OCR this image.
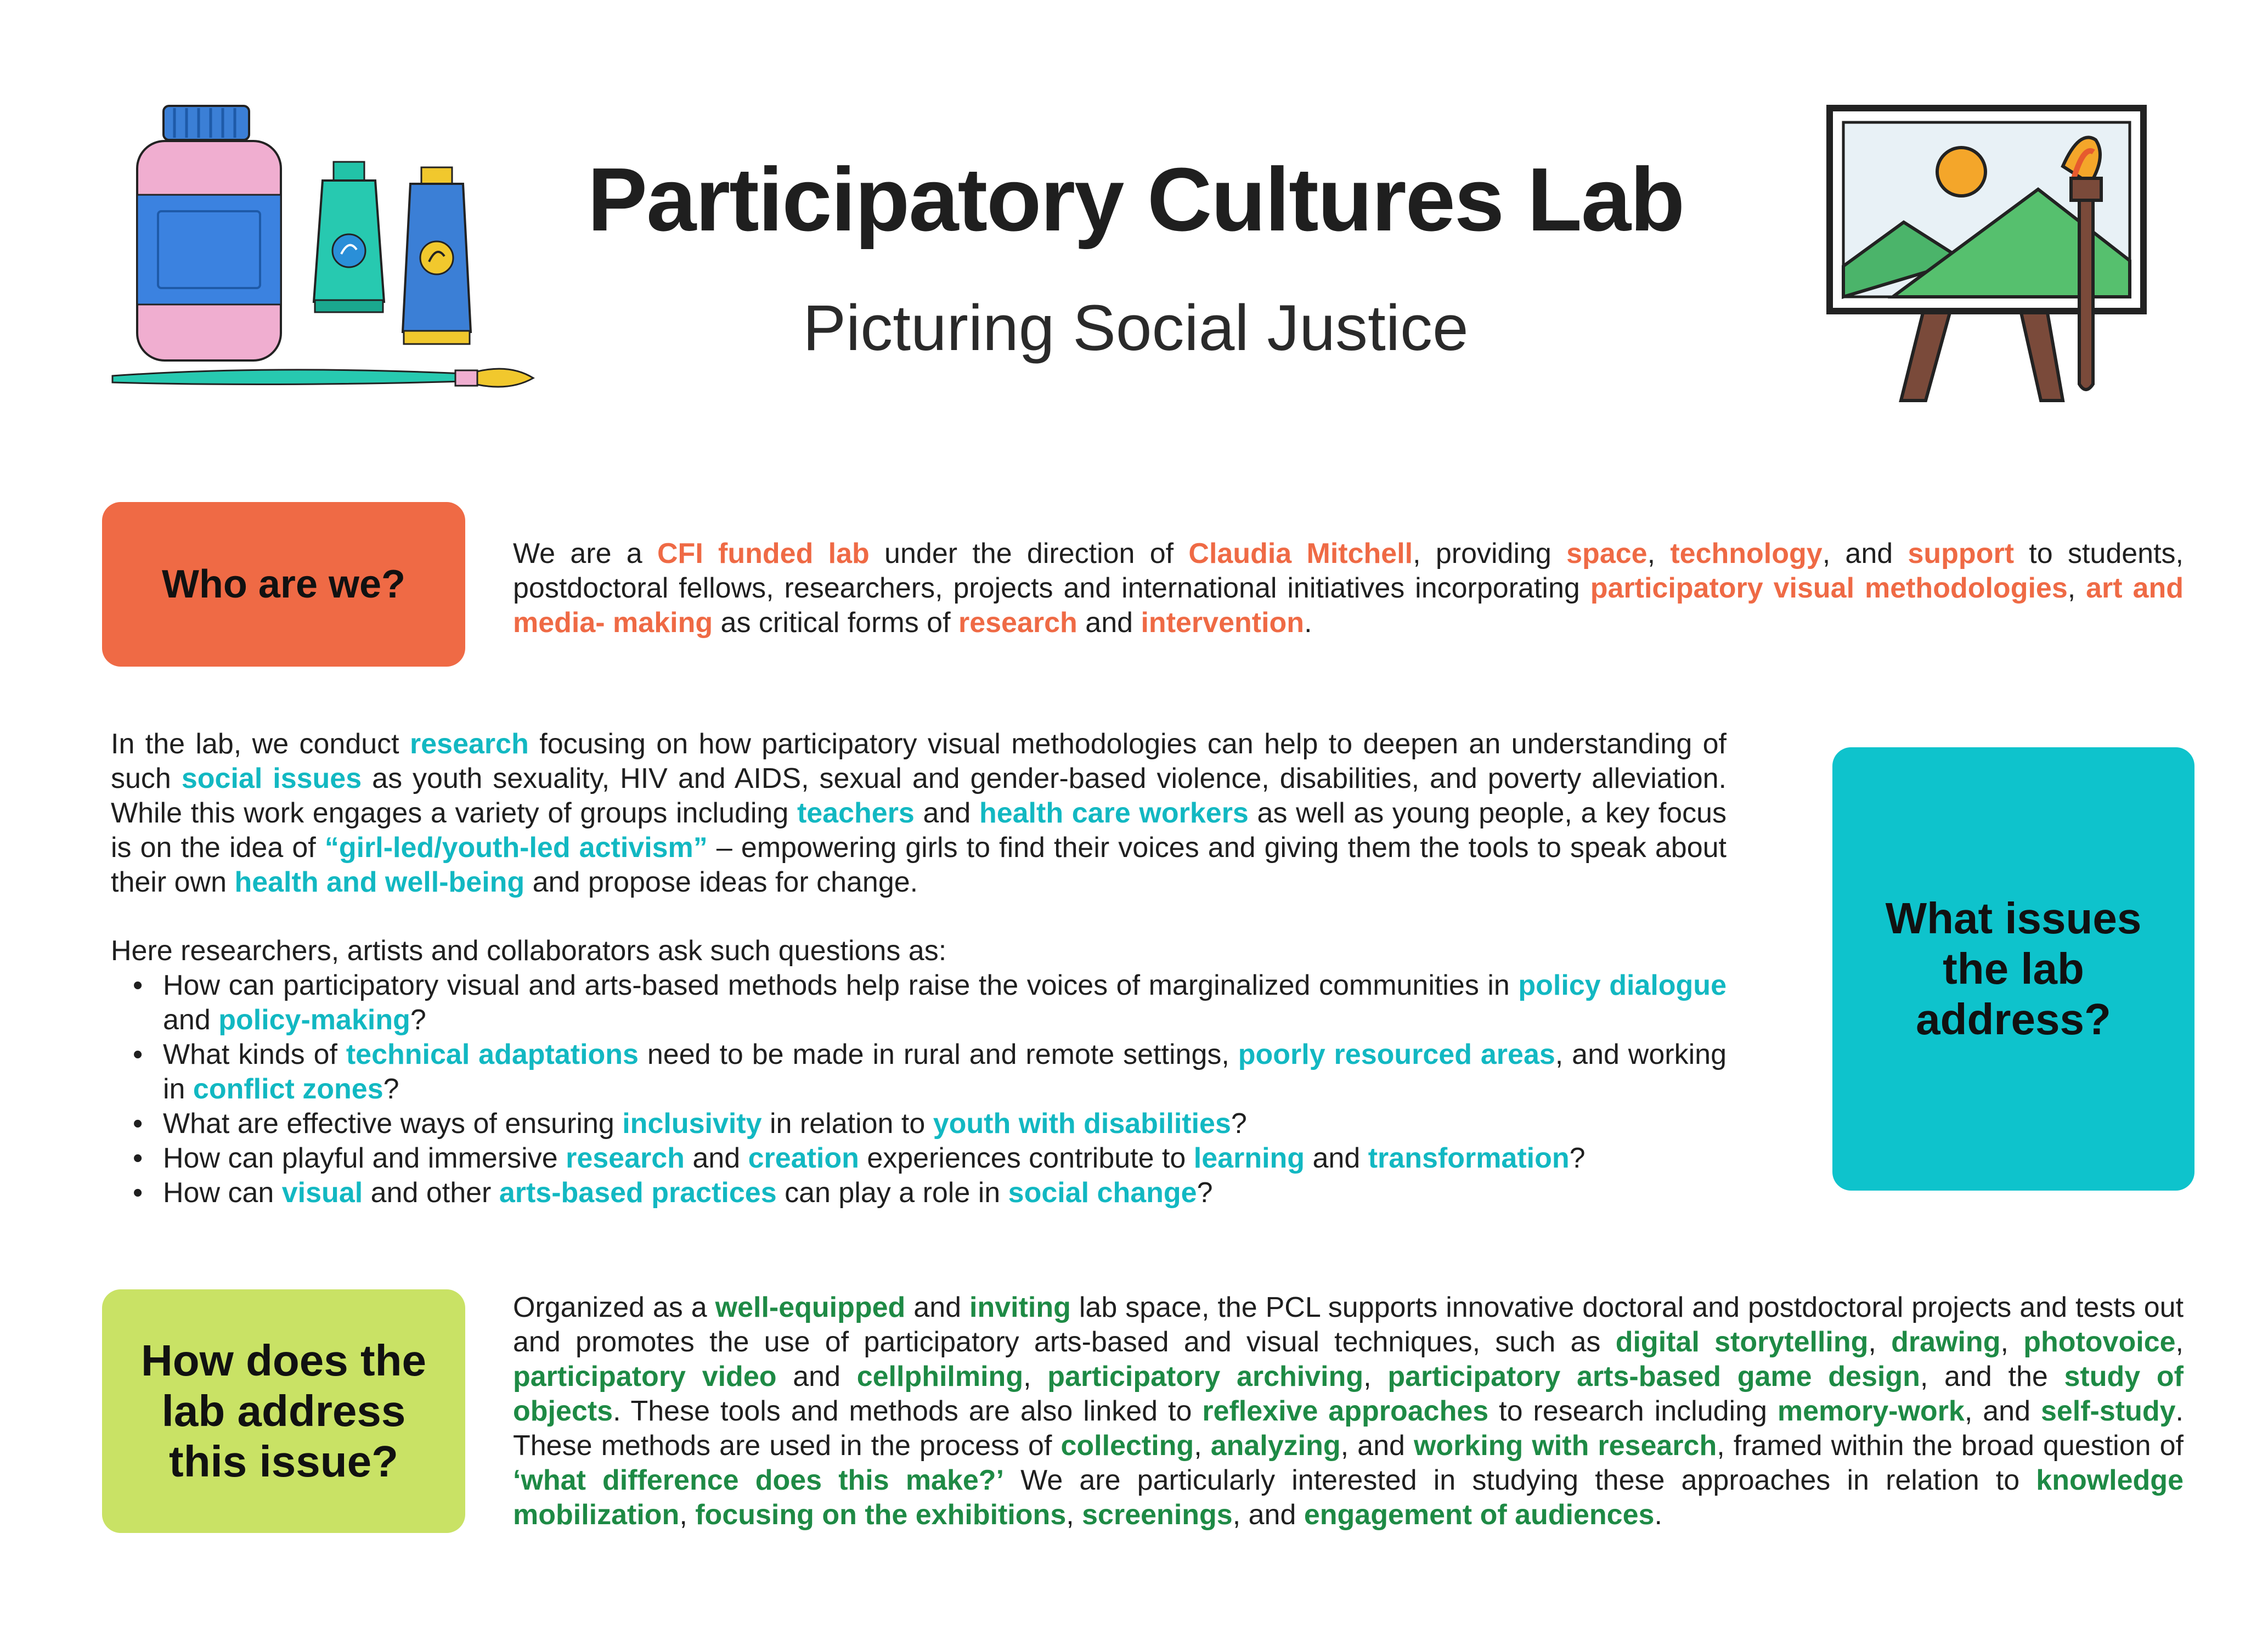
Participatory Cultures Lab
Picturing Social Justice
Who are we?
We are a CFI funded lab under the direction of Claudia Mitchell, providing space, technology, and support to students, postdoctoral fellows, researchers, projects and international initiatives incorporating participatory visual methodologies, art and media- making as critical forms of research and intervention.
In the lab, we conduct research focusing on how participatory visual methodologies can help to deepen an understanding of such social issues as youth sexuality, HIV and AIDS, sexual and gender-based violence, disabilities, and poverty alleviation. While this work engages a variety of groups including teachers and health care workers as well as young people, a key focus is on the idea of “girl-led/youth-led activism” – empowering girls to find their voices and giving them the tools to speak about their own health and well-being and propose ideas for change.
Here researchers, artists and collaborators ask such questions as:
• How can participatory visual and arts-based methods help raise the voices of marginalized communities in policy dialogue and policy-making?
• What kinds of technical adaptations need to be made in rural and remote settings, poorly resourced areas, and working in conflict zones?
• What are effective ways of ensuring inclusivity in relation to youth with disabilities?
• How can playful and immersive research and creation experiences contribute to learning and transformation?
• How can visual and other arts-based practices can play a role in social change?
What issues the lab address?
How does the lab address this issue?
Organized as a well-equipped and inviting lab space, the PCL supports innovative doctoral and postdoctoral projects and tests out and promotes the use of participatory arts-based and visual techniques, such as digital storytelling, drawing, photovoice, participatory video and cellphilming, participatory archiving, participatory arts-based game design, and the study of objects. These tools and methods are also linked to reflexive approaches to research including memory-work, and self-study. These methods are used in the process of collecting, analyzing, and working with research, framed within the broad question of ‘what difference does this make?’ We are particularly interested in studying these approaches in relation to knowledge mobilization, focusing on the exhibitions, screenings, and engagement of audiences.
